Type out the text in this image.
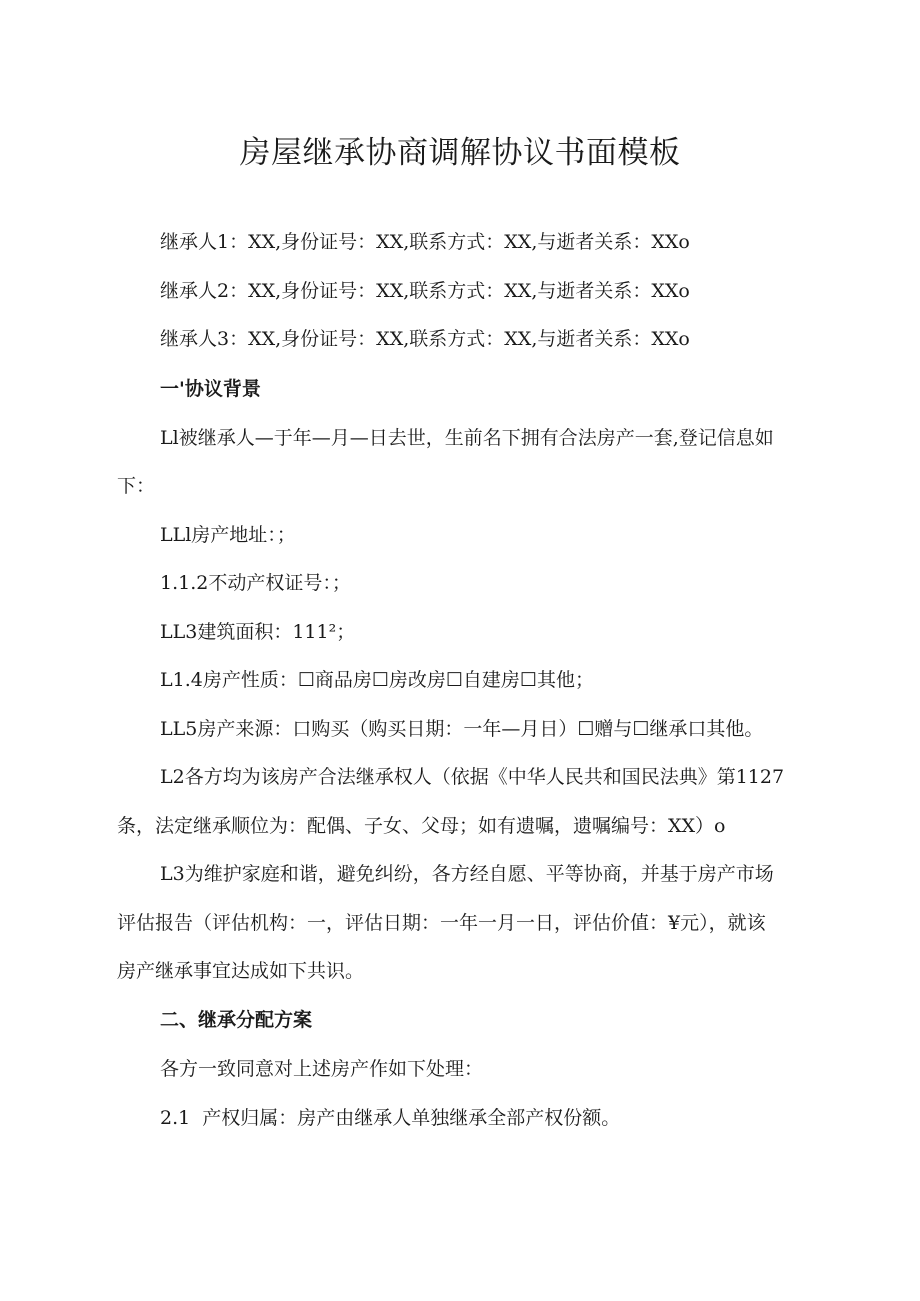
房屋继承协商调解协议书面模板

继承人1：XX,身份证号：XX,联系方式：XX,与逝者关系：XXo

继承人2：XX,身份证号：XX,联系方式：XX,与逝者关系：XXo

继承人3：XX,身份证号：XX,联系方式：XX,与逝者关系：XXo

一'协议背景

Ll被继承人—于年—月—日去世，生前名下拥有合法房产一套,登记信息如

下：

LLl房产地址：；

1.1.2不动产权证号：；

LL3建筑面积：111²；

L1.4房产性质：☐商品房☐房改房☐自建房☐其他；

LL5房产来源：口购买（购买日期：一年—月日）☐赠与☐继承口其他。

L2各方均为该房产合法继承权人（依据《中华人民共和国民法典》第1127

条，法定继承顺位为：配偶、子女、父母；如有遗嘱，遗嘱编号：XX）o

L3为维护家庭和谐，避免纠纷，各方经自愿、平等协商，并基于房产市场

评估报告（评估机构：一，评估日期：一年一月一日，评估价值：¥元），就该

房产继承事宜达成如下共识。

二、继承分配方案

各方一致同意对上述房产作如下处理：

2.1  产权归属：房产由继承人单独继承全部产权份额。
